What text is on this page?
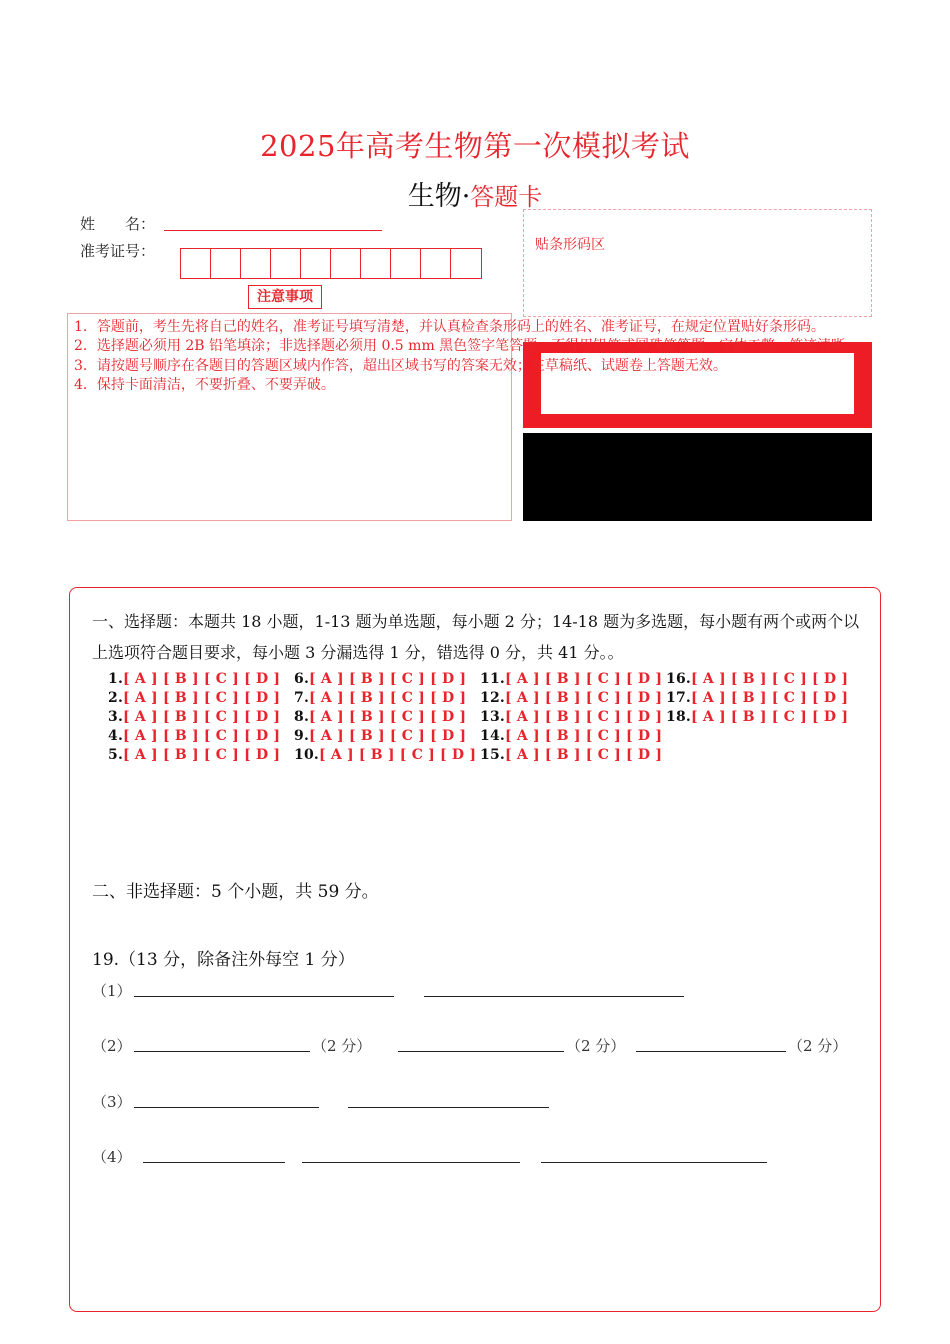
2025年高考生物第一次模拟考试
生物·答题卡
姓　　名：
准考证号：
注意事项
贴条形码区
1．答题前，考生先将自己的姓名，准考证号填写清楚，并认真检查条形码上的姓名、准考证号，在规定位置贴好条形码。
2．选择题必须用 2B 铅笔填涂；非选择题必须用 0.5 mm 黑色签字笔答题，不得用铅笔或圆珠笔答题；字体工整、笔迹清晰。
3．请按题号顺序在各题目的答题区域内作答，超出区域书写的答案无效；在草稿纸、试题卷上答题无效。
4．保持卡面清洁，不要折叠、不要弄破。
一、选择题：本题共 18 小题，1-13 题为单选题，每小题 2 分；14-18 题为多选题，每小题有两个或两个以上选项符合题目要求，每小题 3 分漏选得 1 分，错选得 0 分，共 41 分。。
1.[ A ] [ B ] [ C ] [ D ]
2.[ A ] [ B ] [ C ] [ D ]
3.[ A ] [ B ] [ C ] [ D ]
4.[ A ] [ B ] [ C ] [ D ]
5.[ A ] [ B ] [ C ] [ D ]
6.[ A ] [ B ] [ C ] [ D ]
7.[ A ] [ B ] [ C ] [ D ]
8.[ A ] [ B ] [ C ] [ D ]
9.[ A ] [ B ] [ C ] [ D ]
10.[ A ] [ B ] [ C ] [ D ]
11.[ A ] [ B ] [ C ] [ D ]
12.[ A ] [ B ] [ C ] [ D ]
13.[ A ] [ B ] [ C ] [ D ]
14.[ A ] [ B ] [ C ] [ D ]
15.[ A ] [ B ] [ C ] [ D ]
16.[ A ] [ B ] [ C ] [ D ]
17.[ A ] [ B ] [ C ] [ D ]
18.[ A ] [ B ] [ C ] [ D ]
二、非选择题：5 个小题，共 59 分。
19.（13 分，除备注外每空 1 分）
（1）
（2）	（2 分）	（2 分）	（2 分）
（3）
（4）
